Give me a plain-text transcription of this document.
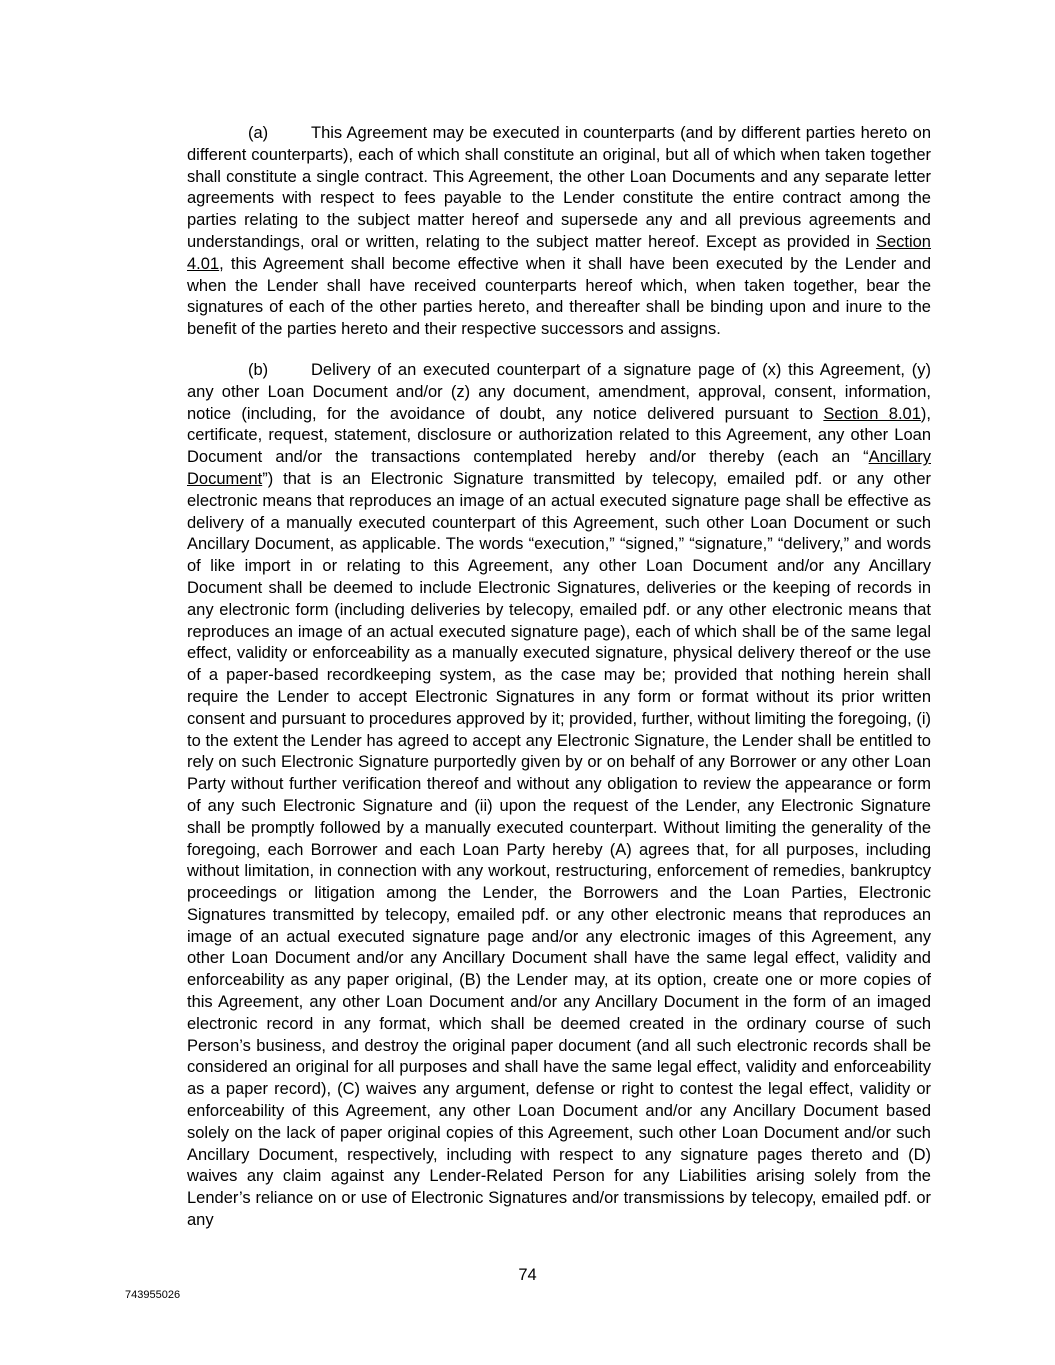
(a)	This Agreement may be executed in counterparts (and by different parties hereto on different counterparts), each of which shall constitute an original, but all of which when taken together shall constitute a single contract. This Agreement, the other Loan Documents and any separate letter agreements with respect to fees payable to the Lender constitute the entire contract among the parties relating to the subject matter hereof and supersede any and all previous agreements and understandings, oral or written, relating to the subject matter hereof. Except as provided in Section 4.01, this Agreement shall become effective when it shall have been executed by the Lender and when the Lender shall have received counterparts hereof which, when taken together, bear the signatures of each of the other parties hereto, and thereafter shall be binding upon and inure to the benefit of the parties hereto and their respective successors and assigns.

(b)	Delivery of an executed counterpart of a signature page of (x) this Agreement, (y) any other Loan Document and/or (z) any document, amendment, approval, consent, information, notice (including, for the avoidance of doubt, any notice delivered pursuant to Section 8.01), certificate, request, statement, disclosure or authorization related to this Agreement, any other Loan Document and/or the transactions contemplated hereby and/or thereby (each an “Ancillary Document”) that is an Electronic Signature transmitted by telecopy, emailed pdf. or any other electronic means that reproduces an image of an actual executed signature page shall be effective as delivery of a manually executed counterpart of this Agreement, such other Loan Document or such Ancillary Document, as applicable. The words “execution,” “signed,” “signature,” “delivery,” and words of like import in or relating to this Agreement, any other Loan Document and/or any Ancillary Document shall be deemed to include Electronic Signatures, deliveries or the keeping of records in any electronic form (including deliveries by telecopy, emailed pdf. or any other electronic means that reproduces an image of an actual executed signature page), each of which shall be of the same legal effect, validity or enforceability as a manually executed signature, physical delivery thereof or the use of a paper-based recordkeeping system, as the case may be; provided that nothing herein shall require the Lender to accept Electronic Signatures in any form or format without its prior written consent and pursuant to procedures approved by it; provided, further, without limiting the foregoing, (i) to the extent the Lender has agreed to accept any Electronic Signature, the Lender shall be entitled to rely on such Electronic Signature purportedly given by or on behalf of any Borrower or any other Loan Party without further verification thereof and without any obligation to review the appearance or form of any such Electronic Signature and (ii) upon the request of the Lender, any Electronic Signature shall be promptly followed by a manually executed counterpart. Without limiting the generality of the foregoing, each Borrower and each Loan Party hereby (A) agrees that, for all purposes, including without limitation, in connection with any workout, restructuring, enforcement of remedies, bankruptcy proceedings or litigation among the Lender, the Borrowers and the Loan Parties, Electronic Signatures transmitted by telecopy, emailed pdf. or any other electronic means that reproduces an image of an actual executed signature page and/or any electronic images of this Agreement, any other Loan Document and/or any Ancillary Document shall have the same legal effect, validity and enforceability as any paper original, (B) the Lender may, at its option, create one or more copies of this Agreement, any other Loan Document and/or any Ancillary Document in the form of an imaged electronic record in any format, which shall be deemed created in the ordinary course of such Person’s business, and destroy the original paper document (and all such electronic records shall be considered an original for all purposes and shall have the same legal effect, validity and enforceability as a paper record), (C) waives any argument, defense or right to contest the legal effect, validity or enforceability of this Agreement, any other Loan Document and/or any Ancillary Document based solely on the lack of paper original copies of this Agreement, such other Loan Document and/or such Ancillary Document, respectively, including with respect to any signature pages thereto and (D) waives any claim against any Lender-Related Person for any Liabilities arising solely from the Lender’s reliance on or use of Electronic Signatures and/or transmissions by telecopy, emailed pdf. or any

74
743955026
